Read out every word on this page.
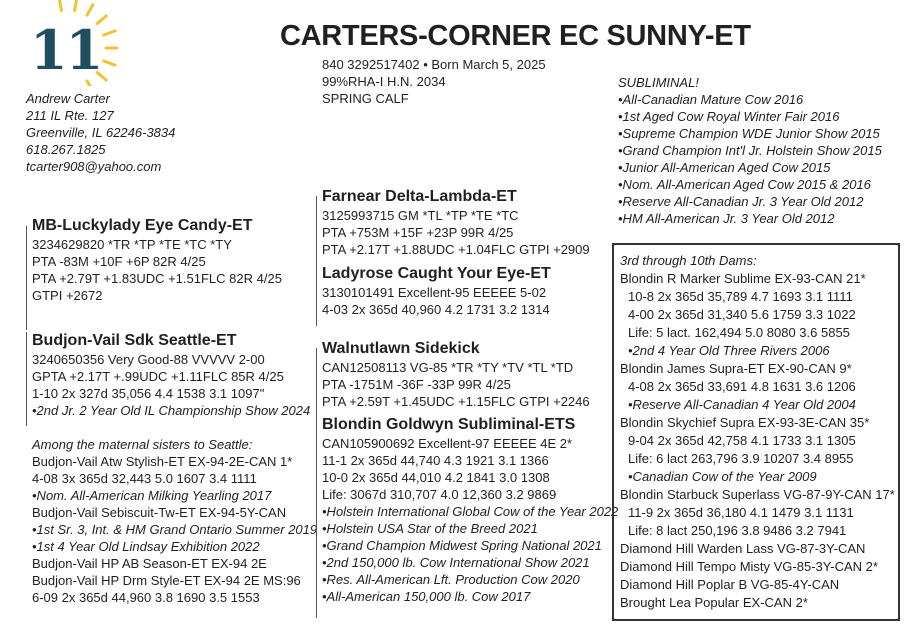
11	CARTERS-CORNER EC SUNNY-ET
840 3292517402 • Born March 5, 2025
99%RHA-I H.N. 2034
SPRING CALF
Andrew Carter
211 IL Rte. 127
Greenville, IL 62246-3834
618.267.1825
tcarter908@yahoo.com
MB-Luckylady Eye Candy-ET
3234629820 *TR *TP *TE *TC *TY
PTA -83M +10F +6P 82R 4/25
PTA +2.79T +1.83UDC +1.51FLC 82R 4/25
GTPI +2672
Budjon-Vail Sdk Seattle-ET
3240650356 Very Good-88 VVVVV 2-00
GPTA +2.17T +.99UDC +1.11FLC 85R 4/25
1-10 2x 327d 35,056 4.4 1538 3.1 1097"
•2nd Jr. 2 Year Old IL Championship Show 2024
Among the maternal sisters to Seattle:
Budjon-Vail Atw Stylish-ET EX-94-2E-CAN 1*
4-08 3x 365d 32,443 5.0 1607 3.4 1111
•Nom. All-American Milking Yearling 2017
Budjon-Vail Sebiscuit-Tw-ET EX-94-5Y-CAN
•1st Sr. 3, Int. & HM Grand Ontario Summer 2019
•1st 4 Year Old Lindsay Exhibition 2022
Budjon-Vail HP AB Season-ET EX-94 2E
Budjon-Vail HP Drm Style-ET EX-94 2E MS:96
6-09 2x 365d 44,960 3.8 1690 3.5 1553
Farnear Delta-Lambda-ET
3125993715 GM *TL *TP *TE *TC
PTA +753M +15F +23P 99R 4/25
PTA +2.17T +1.88UDC +1.04FLC GTPI +2909
Ladyrose Caught Your Eye-ET
3130101491 Excellent-95 EEEEE 5-02
4-03 2x 365d 40,960 4.2 1731 3.2 1314
Walnutlawn Sidekick
CAN12508113 VG-85 *TR *TY *TV *TL *TD
PTA -1751M -36F -33P 99R 4/25
PTA +2.59T +1.45UDC +1.15FLC GTPI +2246
Blondin Goldwyn Subliminal-ETS
CAN105900692 Excellent-97 EEEEE 4E 2*
11-1 2x 365d 44,740 4.3 1921 3.1 1366
10-0 2x 365d 44,010 4.2 1841 3.0 1308
Life: 3067d 310,707 4.0 12,360 3.2 9869
•Holstein International Global Cow of the Year 2022
•Holstein USA Star of the Breed 2021
•Grand Champion Midwest Spring National 2021
•2nd 150,000 lb. Cow International Show 2021
•Res. All-American Lft. Production Cow 2020
•All-American 150,000 lb. Cow 2017
SUBLIMINAL!
•All-Canadian Mature Cow 2016
•1st Aged Cow Royal Winter Fair 2016
•Supreme Champion WDE Junior Show 2015
•Grand Champion Int'l Jr. Holstein Show 2015
•Junior All-American Aged Cow 2015
•Nom. All-American Aged Cow 2015 & 2016
•Reserve All-Canadian Jr. 3 Year Old 2012
•HM All-American Jr. 3 Year Old 2012
3rd through 10th Dams:
Blondin R Marker Sublime EX-93-CAN 21*
10-8 2x 365d 35,789 4.7 1693 3.1 1111
4-00 2x 365d 31,340 5.6 1759 3.3 1022
Life: 5 lact. 162,494 5.0 8080 3.6 5855
•2nd 4 Year Old Three Rivers 2006
Blondin James Supra-ET EX-90-CAN 9*
4-08 2x 365d 33,691 4.8 1631 3.6 1206
•Reserve All-Canadian 4 Year Old 2004
Blondin Skychief Supra EX-93-3E-CAN 35*
9-04 2x 365d 42,758 4.1 1733 3.1 1305
Life: 6 lact 263,796 3.9 10207 3.4 8955
•Canadian Cow of the Year 2009
Blondin Starbuck Superlass VG-87-9Y-CAN 17*
11-9 2x 365d 36,180 4.1 1479 3.1 1131
Life: 8 lact 250,196 3.8 9486 3.2 7941
Diamond Hill Warden Lass VG-87-3Y-CAN
Diamond Hill Tempo Misty VG-85-3Y-CAN 2*
Diamond Hill Poplar B VG-85-4Y-CAN
Brought Lea Popular EX-CAN 2*
